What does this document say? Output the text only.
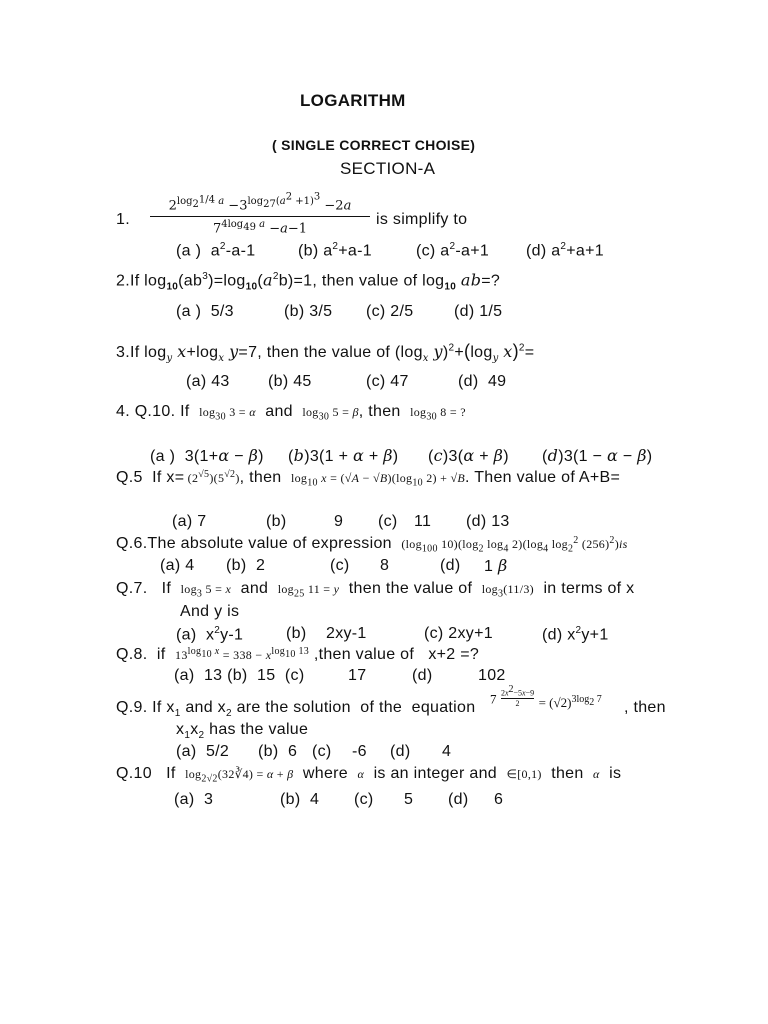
LOGARITHM
( SINGLE CORRECT CHOISE)
SECTION-A
1.
$2^{log_{2^{1/4}} a} -3^{log_{27}(a^2 +1)^3} -2a$
$7^{4log_{49} a} -a-1$
is simplify to
(a )  $a^2-a-1$	(b) $a^2+a-1$	(c) $a^2-a+1$ (d) $a^2+a+1$
2.If $\log_{10}(ab^3)=\log_{10}(a^2b)=1$, then value of $\log_{10} ab=$?
(a )  5/3	(b) 3/5 (c) 2/5	(d) 1/5
3.If $\log_y x+\log_x$ y=7, then the value of ($\log_x$ $y)^2+(\log_y$ x)$^2$=
(a) 43 (b) 45	(c) 47	(d)  49
4. Q.10. If  $\log_{30} 3 = \alpha$  and  $\log_{30} 5 = \beta$, then  $\log_{30} 8$ = ?
(a )  3(1+α − β) (b)3(1 + α + β) (c)3(α + β) (d)3(1 − α − β)
Q.5  If $x= (2^{√5})(5^{√2})$, then  $\log_{10} x = (√A - √B)(\log_{10}$ 2) + √B. Then value of A+B=
(a) 7	(b)	9 (c) 11 (d) 13
Q.6.The absolute value of expression  ($\log_{100}$ $10)(\log_2$ $\log_4 2)(\log_4$ $\log_2^2 (256)^2)is$
(a) 4 (b)  2	(c) 8	(d) 1 β
Q.7.   If  $\log_3 5 = x$  and  $\log_{25} 11 = y$  then the value of  $\log_3(11/3)$  in terms of x
And y is
(a)  $x^2y-1$	(b) 2xy-1	(c) 2xy+1	(d) $x^2y+1$
Q.8.  if  $13^{log_{10} x} = 338 - x^{log_{10} 13}$ ,then value of   x+2 =?
(a)  13 (b)  15  (c)	17	(d)	102
Q.9. If $x_1$ and $x_2$ are the solution  of the  equation
$7 \frac{2x^2-5x-9}{2} _{= (√2)^{3log_2 7}}$ , then
$x_1x_2$ has the value
(a)  5/2 (b)  6 (c) -6 (d) 4
Q.10   If  $\log_{2√2}(32∛4) = \alpha + \beta$  where  α  is an integer and  ∈[0,1)  then  α  is
(a)  3	(b)  4 (c) 5 (d) 6
